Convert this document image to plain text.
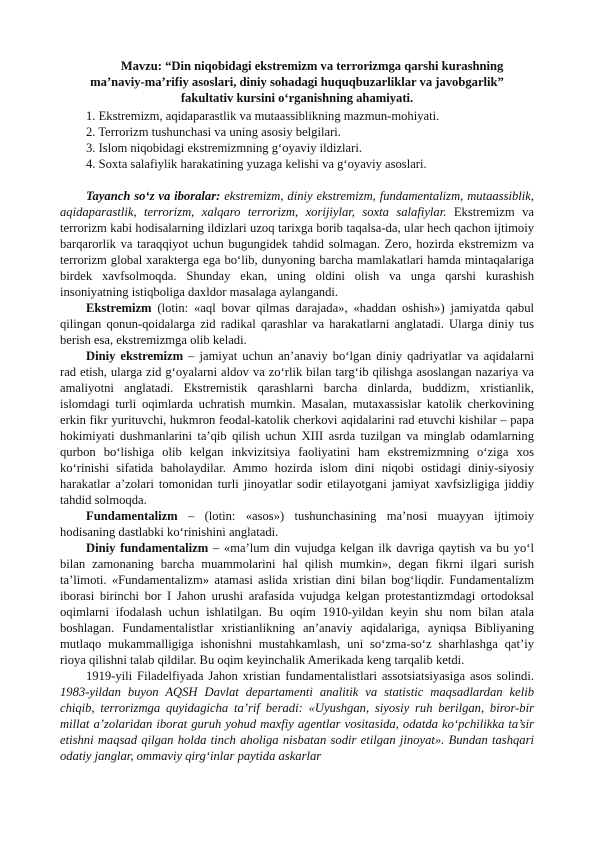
Mavzu: “Din niqobidagi ekstremizm va terrorizmga qarshi kurashning

ma’naviy-ma’rifiy asoslari, diniy sohadagi huquqbuzarliklar va javobgarlik”

fakultativ kursini o‘rganishning ahamiyati.

1. Ekstremizm, aqidaparastlik va mutaassiblikning mazmun-mohiyati.
2. Terrorizm tushunchasi va uning asosiy belgilari.
3. Islom niqobidagi ekstremizmning g‘oyaviy ildizlari.
4. Soxta salafiylik harakatining yuzaga kelishi va g‘oyaviy asoslari.

Tayanch so‘z va iboralar: ekstremizm, diniy ekstremizm, fundamentalizm, mutaassiblik, aqidaparastlik, terrorizm, xalqaro terrorizm, xorijiylar, soxta salafiylar. Ekstremizm va terrorizm kabi hodisalarning ildizlari uzoq tarixga borib taqalsa-da, ular hech qachon ijtimoiy barqarorlik va taraqqiyot uchun bugungidek tahdid solmagan. Zero, hozirda ekstremizm va terrorizm global xarakterga ega bo‘lib, dunyoning barcha mamlakatlari hamda mintaqalariga birdek xavfsolmoqda. Shunday ekan, uning oldini olish va unga qarshi kurashish insoniyatning istiqboliga daxldor masalaga aylangandi.

Ekstremizm (lotin: «aql bovar qilmas darajada», «haddan oshish») jamiyatda qabul qilingan qonun-qoidalarga zid radikal qarashlar va harakatlarni anglatadi. Ularga diniy tus berish esa, ekstremizmga olib keladi.

Diniy ekstremizm – jamiyat uchun an’anaviy bo‘lgan diniy qadriyatlar va aqidalarni rad etish, ularga zid g‘oyalarni aldov va zo‘rlik bilan targ‘ib qilishga asoslangan nazariya va amaliyotni anglatadi. Ekstremistik qarashlarni barcha dinlarda, buddizm, xristianlik, islomdagi turli oqimlarda uchratish mumkin. Masalan, mutaxassislar katolik cherkovining erkin fikr yurituvchi, hukmron feodal-katolik cherkovi aqidalarini rad etuvchi kishilar – papa hokimiyati dushmanlarini ta’qib qilish uchun XIII asrda tuzilgan va minglab odamlarning qurbon bo‘lishiga olib kelgan inkvizitsiya faoliyatini ham ekstremizmning o‘ziga xos ko‘rinishi sifatida baholaydilar. Ammo hozirda islom dini niqobi ostidagi diniy-siyosiy harakatlar a’zolari tomonidan turli jinoyatlar sodir etilayotgani jamiyat xavfsizligiga jiddiy tahdid solmoqda.

Fundamentalizm – (lotin: «asos») tushunchasining ma’nosi muayyan ijtimoiy hodisaning dastlabki ko‘rinishini anglatadi.

Diniy fundamentalizm – «ma’lum din vujudga kelgan ilk davriga qaytish va bu yo‘l bilan zamonaning barcha muammolarini hal qilish mumkin», degan fikrni ilgari surish ta’limoti. «Fundamentalizm» atamasi aslida xristian dini bilan bog‘liqdir. Fundamentalizm iborasi birinchi bor I Jahon urushi arafasida vujudga kelgan protestantizmdagi ortodoksal oqimlarni ifodalash uchun ishlatilgan. Bu oqim 1910-yildan keyin shu nom bilan atala boshlagan. Fundamentalistlar xristianlikning an’anaviy aqidalariga, ayniqsa Bibliyaning mutlaqo mukammalligiga ishonishni mustahkamlash, uni so‘zma-so‘z sharhlashga qat’iy rioya qilishni talab qildilar. Bu oqim keyinchalik Amerikada keng tarqalib ketdi.

1919-yili Filadelfiyada Jahon xristian fundamentalistlari assotsiatsiyasiga asos solindi. 1983-yildan buyon AQSH Davlat departamenti analitik va statistic maqsadlardan kelib chiqib, terrorizmga quyidagicha ta’rif beradi: «Uyushgan, siyosiy ruh berilgan, biror-bir millat a’zolaridan iborat guruh yohud maxfiy agentlar vositasida, odatda ko‘pchilikka ta’sir etishni maqsad qilgan holda tinch aholiga nisbatan sodir etilgan jinoyat». Bundan tashqari odatiy janglar, ommaviy qirg‘inlar paytida askarlar
